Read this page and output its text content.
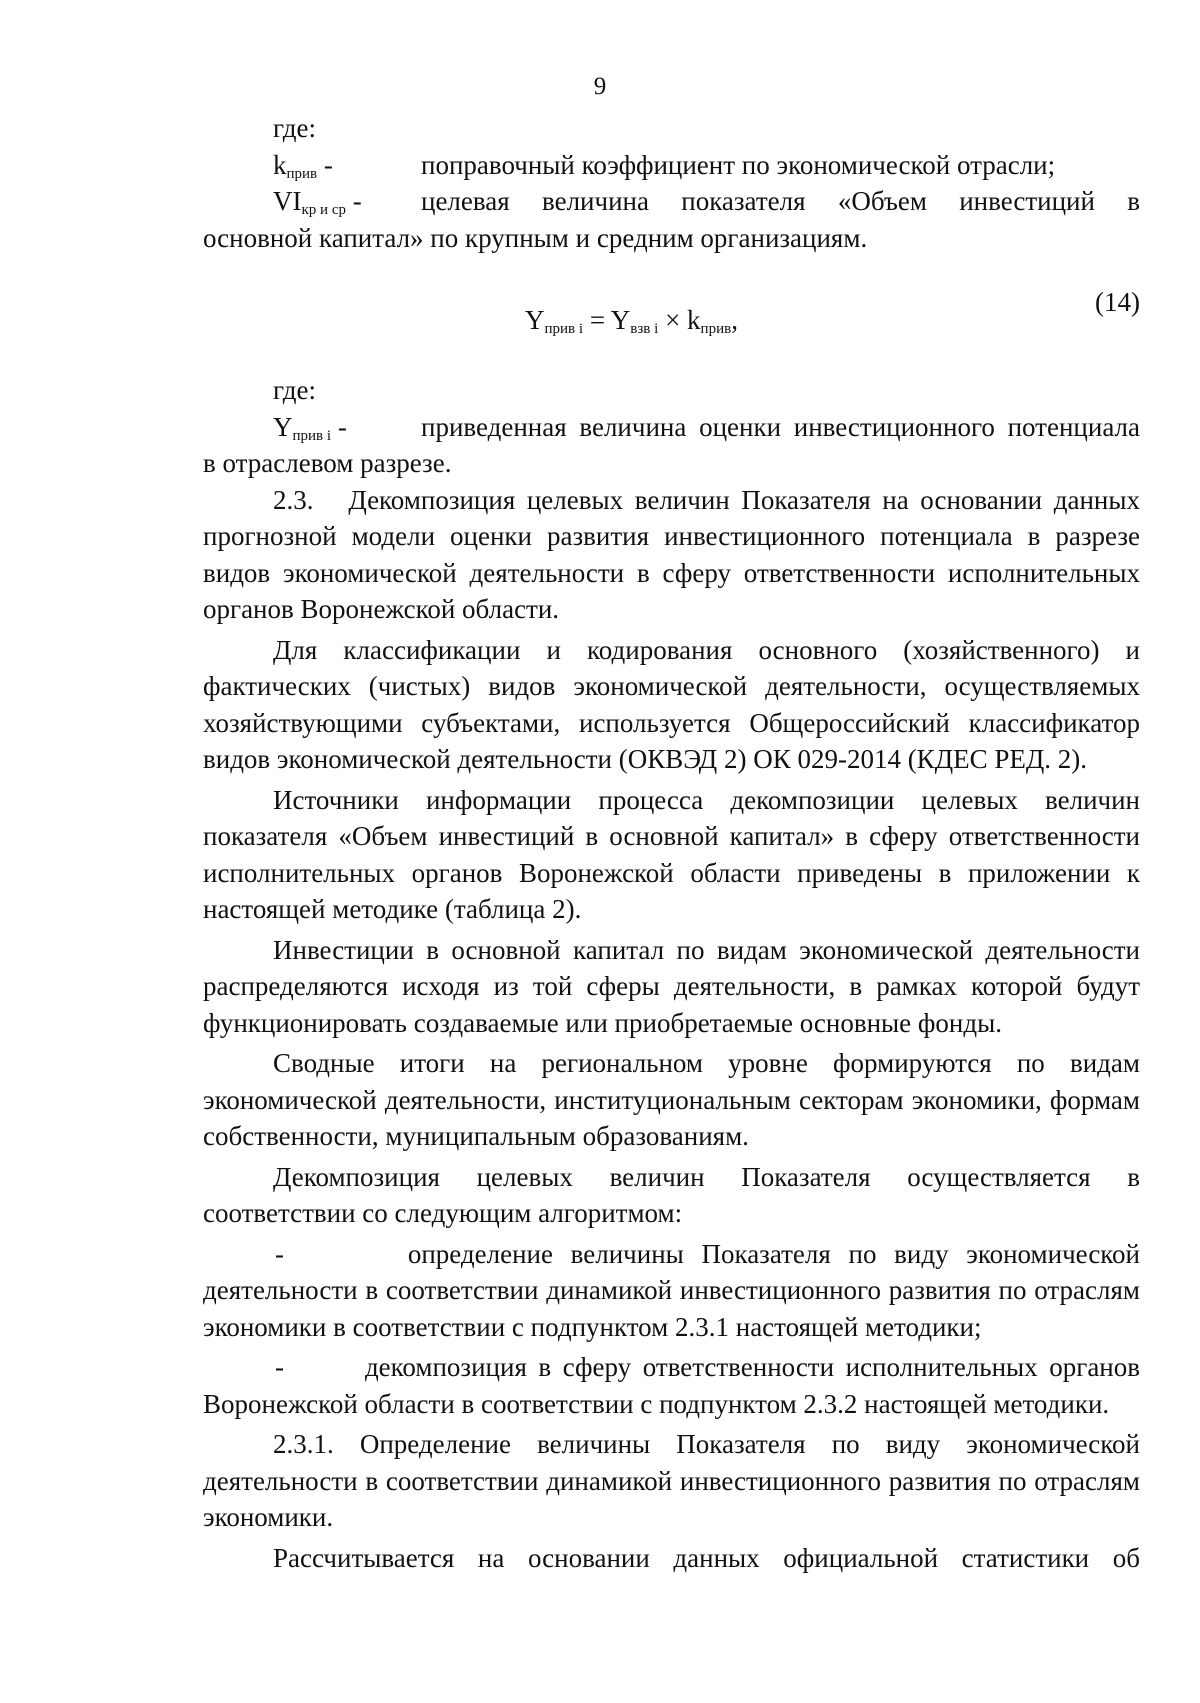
9

где:

$k_{прив}$ -	поправочный коэффициент по экономической отрасли;
$VI_{кр и ср}$ -	целевая величина показателя «Объем инвестиций в

основной капитал» по крупным и средним организациям.

$Y_{прив i} = Y_{взв i} \times k_{прив}$,
(14)

где:

$Y_{прив i}$ -	приведенная величина оценки инвестиционного потенциала

в отраслевом разрезе.

2.3.   Декомпозиция целевых величин Показателя на основании данных прогнозной модели оценки развития инвестиционного потенциала в разрезе видов экономической деятельности в сферу ответственности исполнительных органов Воронежской области.

Для классификации и кодирования основного (хозяйственного) и фактических (чистых) видов экономической деятельности, осуществляемых хозяйствующими субъектами, используется Общероссийский классификатор видов экономической деятельности (ОКВЭД 2) ОК 029-2014 (КДЕС РЕД. 2).

Источники информации процесса декомпозиции целевых величин показателя «Объем инвестиций в основной капитал» в сферу ответственности исполнительных органов Воронежской области приведены в приложении к настоящей методике (таблица 2).

Инвестиции в основной капитал по видам экономической деятельности распределяются исходя из той сферы деятельности, в рамках которой будут функционировать создаваемые или приобретаемые основные фонды.

Сводные итоги на региональном уровне формируются по видам экономической деятельности, институциональным секторам экономики, формам собственности, муниципальным образованиям.

Декомпозиция целевых величин Показателя осуществляется в соответствии со следующим алгоритмом:

-       определение величины Показателя по виду экономической деятельности в соответствии динамикой инвестиционного развития по отраслям экономики в соответствии с подпунктом 2.3.1 настоящей методики;

-       декомпозиция в сферу ответственности исполнительных органов Воронежской области в соответствии с подпунктом 2.3.2 настоящей методики.

2.3.1. Определение величины Показателя по виду экономической деятельности в соответствии динамикой инвестиционного развития по отраслям экономики.

Рассчитывается на основании данных официальной статистики об
